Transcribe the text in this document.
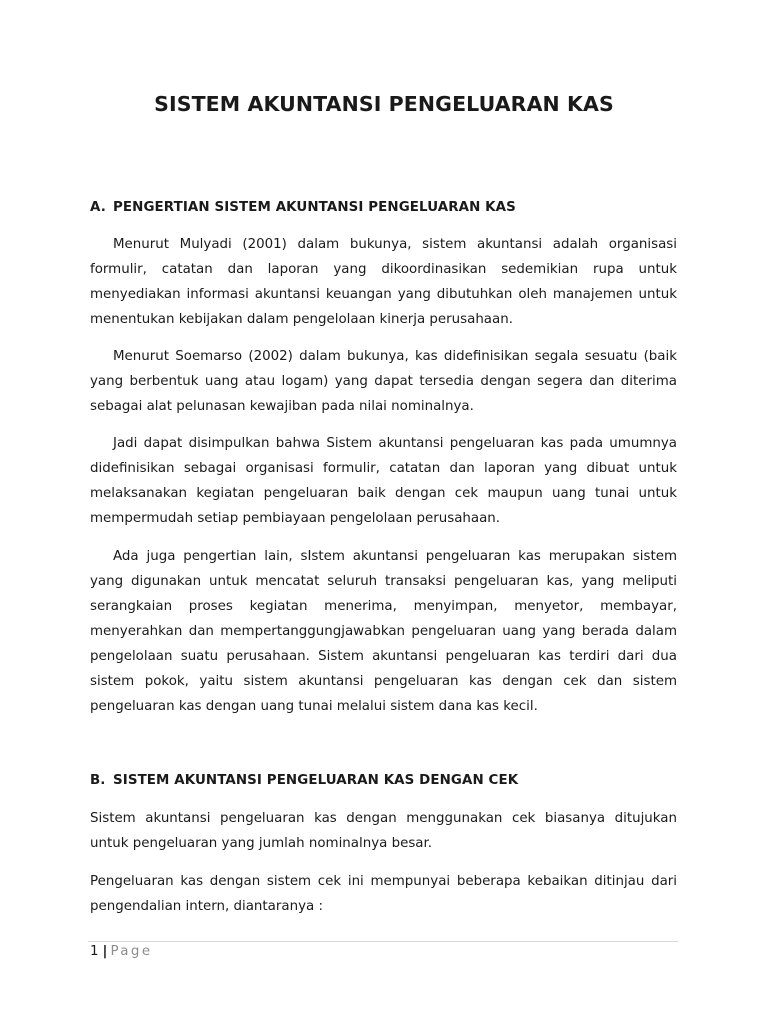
SISTEM AKUNTANSI PENGELUARAN KAS
A. PENGERTIAN SISTEM AKUNTANSI PENGELUARAN KAS

Menurut Mulyadi (2001) dalam bukunya, sistem akuntansi adalah organisasi formulir, catatan dan laporan yang dikoordinasikan sedemikian rupa untuk menyediakan informasi akuntansi keuangan yang dibutuhkan oleh manajemen untuk menentukan kebijakan dalam pengelolaan kinerja perusahaan.

Menurut Soemarso (2002) dalam bukunya, kas didefinisikan segala sesuatu (baik yang berbentuk uang atau logam) yang dapat tersedia dengan segera dan diterima sebagai alat pelunasan kewajiban pada nilai nominalnya.

Jadi dapat disimpulkan bahwa Sistem akuntansi pengeluaran kas pada umumnya didefinisikan sebagai organisasi formulir, catatan dan laporan yang dibuat untuk melaksanakan kegiatan pengeluaran baik dengan cek maupun uang tunai untuk mempermudah setiap pembiayaan pengelolaan perusahaan.

Ada juga pengertian lain, sIstem akuntansi pengeluaran kas merupakan sistem yang digunakan untuk mencatat seluruh transaksi pengeluaran kas, yang meliputi serangkaian proses kegiatan menerima, menyimpan, menyetor, membayar, menyerahkan dan mempertanggungjawabkan pengeluaran uang yang berada dalam pengelolaan suatu perusahaan. Sistem akuntansi pengeluaran kas terdiri dari dua sistem pokok, yaitu sistem akuntansi pengeluaran kas dengan cek dan sistem pengeluaran kas dengan uang tunai melalui sistem dana kas kecil.

B. SISTEM AKUNTANSI PENGELUARAN KAS DENGAN CEK

Sistem akuntansi pengeluaran kas dengan menggunakan cek biasanya ditujukan untuk pengeluaran yang jumlah nominalnya besar.

Pengeluaran kas dengan sistem cek ini mempunyai beberapa kebaikan ditinjau dari pengendalian intern, diantaranya :

1 | Page
